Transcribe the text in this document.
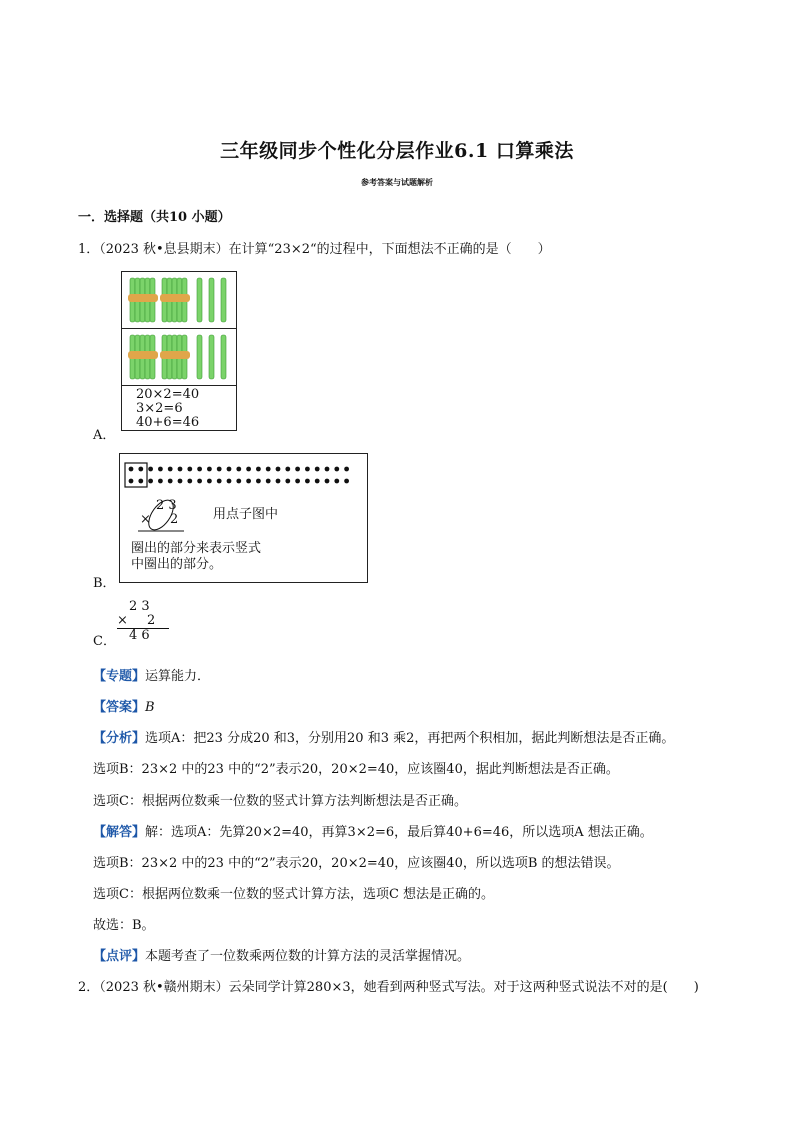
三年级同步个性化分层作业6.1 口算乘法
参考答案与试题解析
一．选择题（共10 小题）
1．（2023 秋•息县期末）在计算“23×2“的过程中，下面想法不正确的是（　　）
20×2=40
3×2=6
40+6=46
A．
2 3
× 2	用点子图中
圈出的部分来表示竖式
中圈出的部分。
B．
C．
2 3
× 2
4 6
【专题】运算能力．
【答案】B
【分析】选项A：把23 分成20 和3，分别用20 和3 乘2，再把两个积相加，据此判断想法是否正确。
选项B：23×2 中的23 中的“2”表示20，20×2=40，应该圈40，据此判断想法是否正确。
选项C：根据两位数乘一位数的竖式计算方法判断想法是否正确。
【解答】解：选项A：先算20×2=40，再算3×2=6，最后算40+6=46，所以选项A 想法正确。
选项B：23×2 中的23 中的“2”表示20，20×2=40，应该圈40，所以选项B 的想法错误。
选项C：根据两位数乘一位数的竖式计算方法，选项C 想法是正确的。
故选：B。
【点评】本题考查了一位数乘两位数的计算方法的灵活掌握情况。
2．（2023 秋•赣州期末）云朵同学计算280×3，她看到两种竖式写法。对于这两种竖式说法不对的是(　　)
